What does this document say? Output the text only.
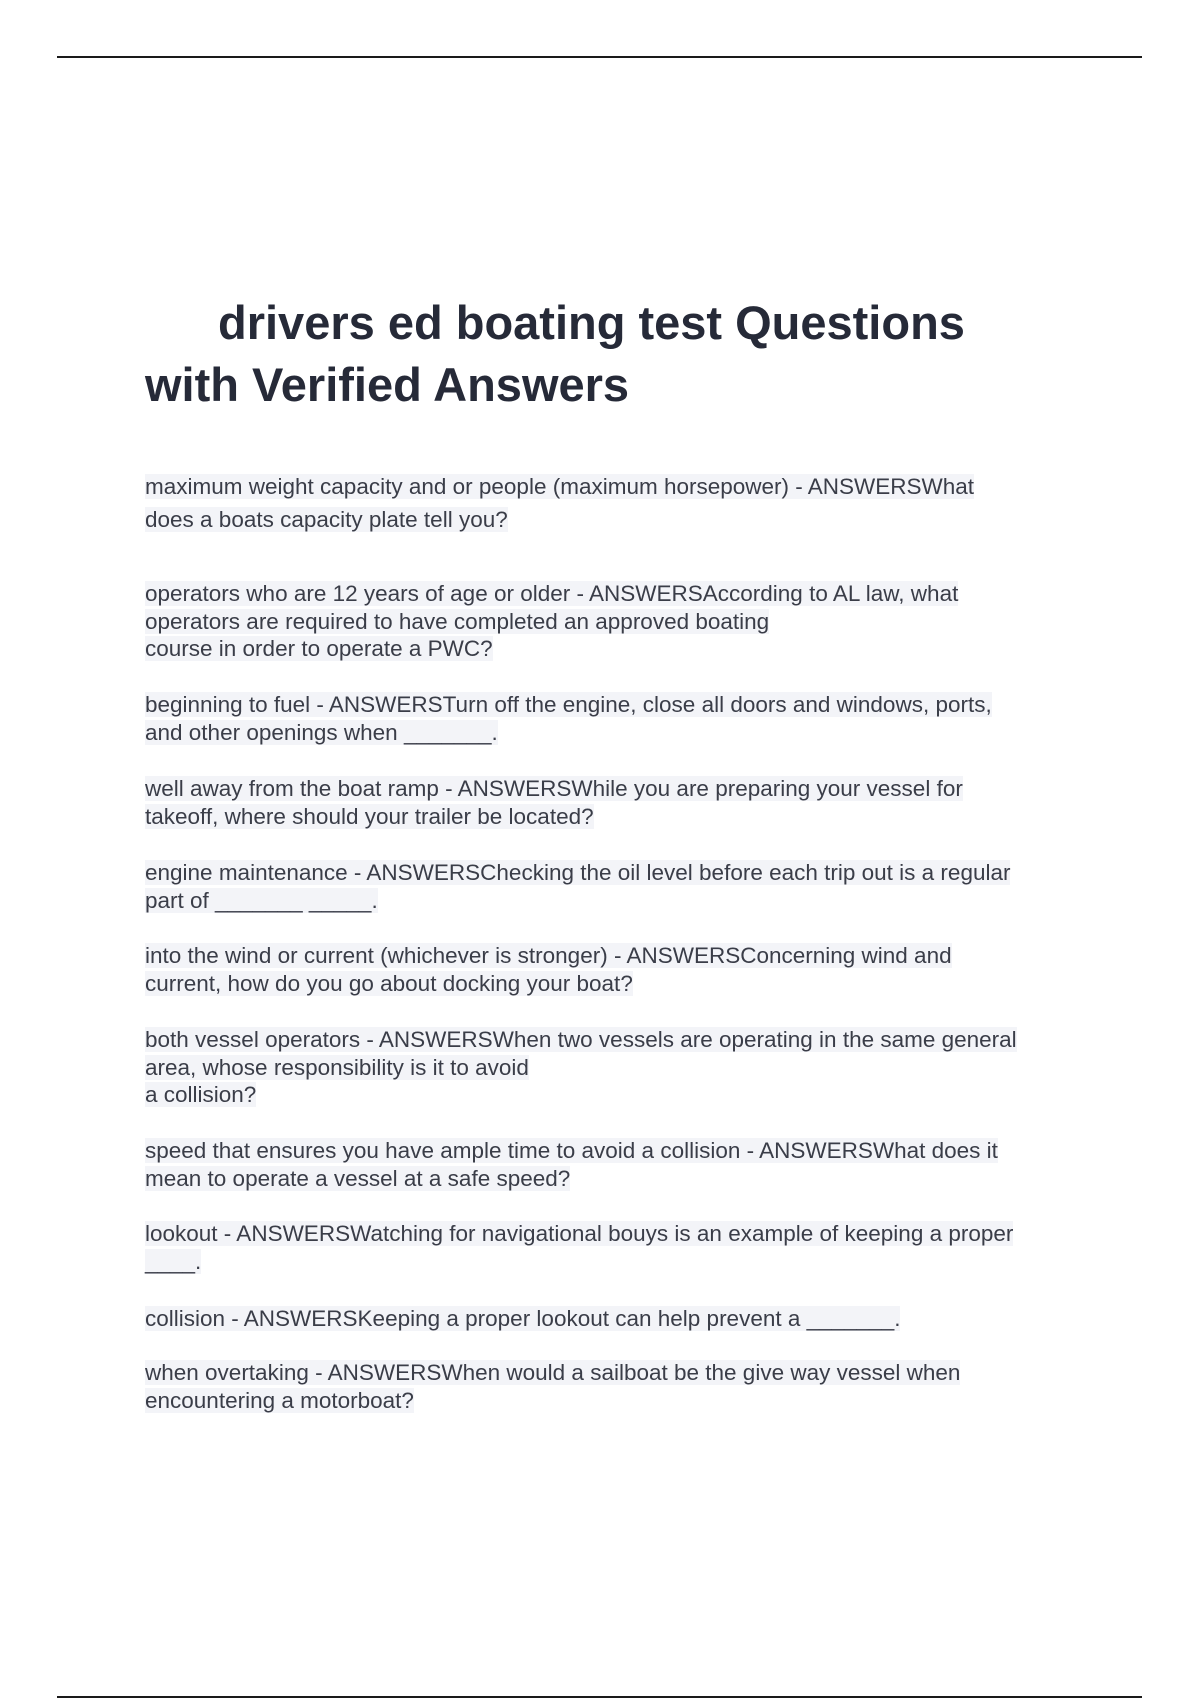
drivers ed boating test Questions
with Verified Answers
maximum weight capacity and or people (maximum horsepower) - ANSWERSWhat
does a boats capacity plate tell you?
operators who are 12 years of age or older - ANSWERSAccording to AL law, what
operators are required to have completed an approved boating
course in order to operate a PWC?
beginning to fuel - ANSWERSTurn off the engine, close all doors and windows, ports,
and other openings when _______.
well away from the boat ramp - ANSWERSWhile you are preparing your vessel for
takeoff, where should your trailer be located?
engine maintenance - ANSWERSChecking the oil level before each trip out is a regular
part of _______ _____.
into the wind or current (whichever is stronger) - ANSWERSConcerning wind and
current, how do you go about docking your boat?
both vessel operators - ANSWERSWhen two vessels are operating in the same general
area, whose responsibility is it to avoid
a collision?
speed that ensures you have ample time to avoid a collision - ANSWERSWhat does it
mean to operate a vessel at a safe speed?
lookout - ANSWERSWatching for navigational bouys is an example of keeping a proper
____.
collision - ANSWERSKeeping a proper lookout can help prevent a _______.
when overtaking - ANSWERSWhen would a sailboat be the give way vessel when
encountering a motorboat?
